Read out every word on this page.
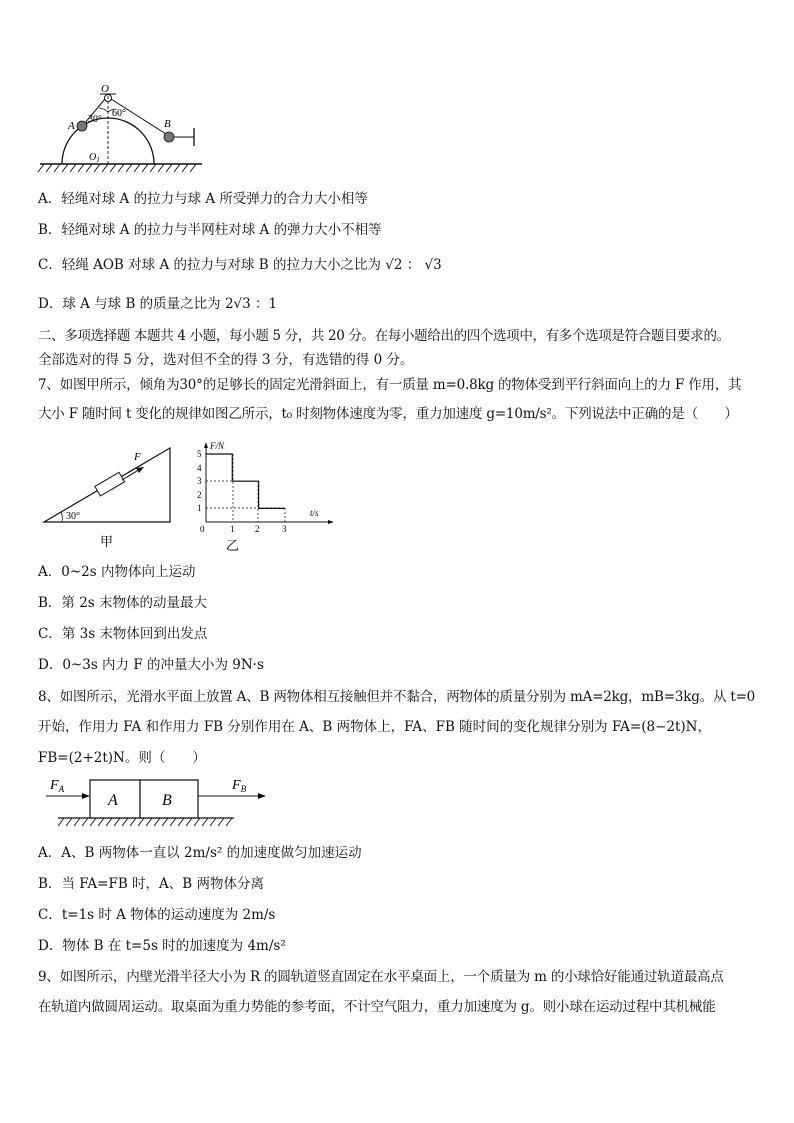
O
A	B
30°
60°
$O_1$
A．轻绳对球 A 的拉力与球 A 所受弹力的合力大小相等
B．轻绳对球 A 的拉力与半网柱对球 A 的弹力大小不相等
C．轻绳 AOB 对球 A 的拉力与对球 B 的拉力大小之比为 √2 ： √3
D．球 A 与球 B 的质量之比为 2√3 ：1
二、多项选择题 本题共 4 小题，每小题 5 分，共 20 分。在每小题给出的四个选项中，有多个选项是符合题目要求的。
全部选对的得 5 分，选对但不全的得 3 分，有选错的得 0 分。
7、如图甲所示，倾角为30°的足够长的固定光滑斜面上，有一质量 m=0.8kg 的物体受到平行斜面向上的力 F 作用，其
大小 F 随时间 t 变化的规律如图乙所示，t₀ 时刻物体速度为零，重力加速度 g=10m/s²。下列说法中正确的是（　　）
F
30°
甲
F/N
t/s
0
1
2
3
4
5
1 2	3
乙
A．0~2s 内物体向上运动
B．第 2s 末物体的动量最大
C．第 3s 末物体回到出发点
D．0~3s 内力 F 的冲量大小为 9N·s
8、如图所示，光滑水平面上放置 A、B 两物体相互接触但并不黏合，两物体的质量分别为 mA=2kg，mB=3kg。从 t=0
开始，作用力 FA 和作用力 FB 分别作用在 A、B 两物体上，FA、FB 随时间的变化规律分别为 FA=(8−2t)N，
FB=(2+2t)N。则（　　）
A	B
$F_A$	$F_B$
A．A、B 两物体一直以 2m/s² 的加速度做匀加速运动
B．当 FA=FB 时，A、B 两物体分离
C．t=1s 时 A 物体的运动速度为 2m/s
D．物体 B 在 t=5s 时的加速度为 4m/s²
9、如图所示，内壁光滑半径大小为 R 的圆轨道竖直固定在水平桌面上，一个质量为 m 的小球恰好能通过轨道最高点
在轨道内做圆周运动。取桌面为重力势能的参考面，不计空气阻力，重力加速度为 g。则小球在运动过程中其机械能
